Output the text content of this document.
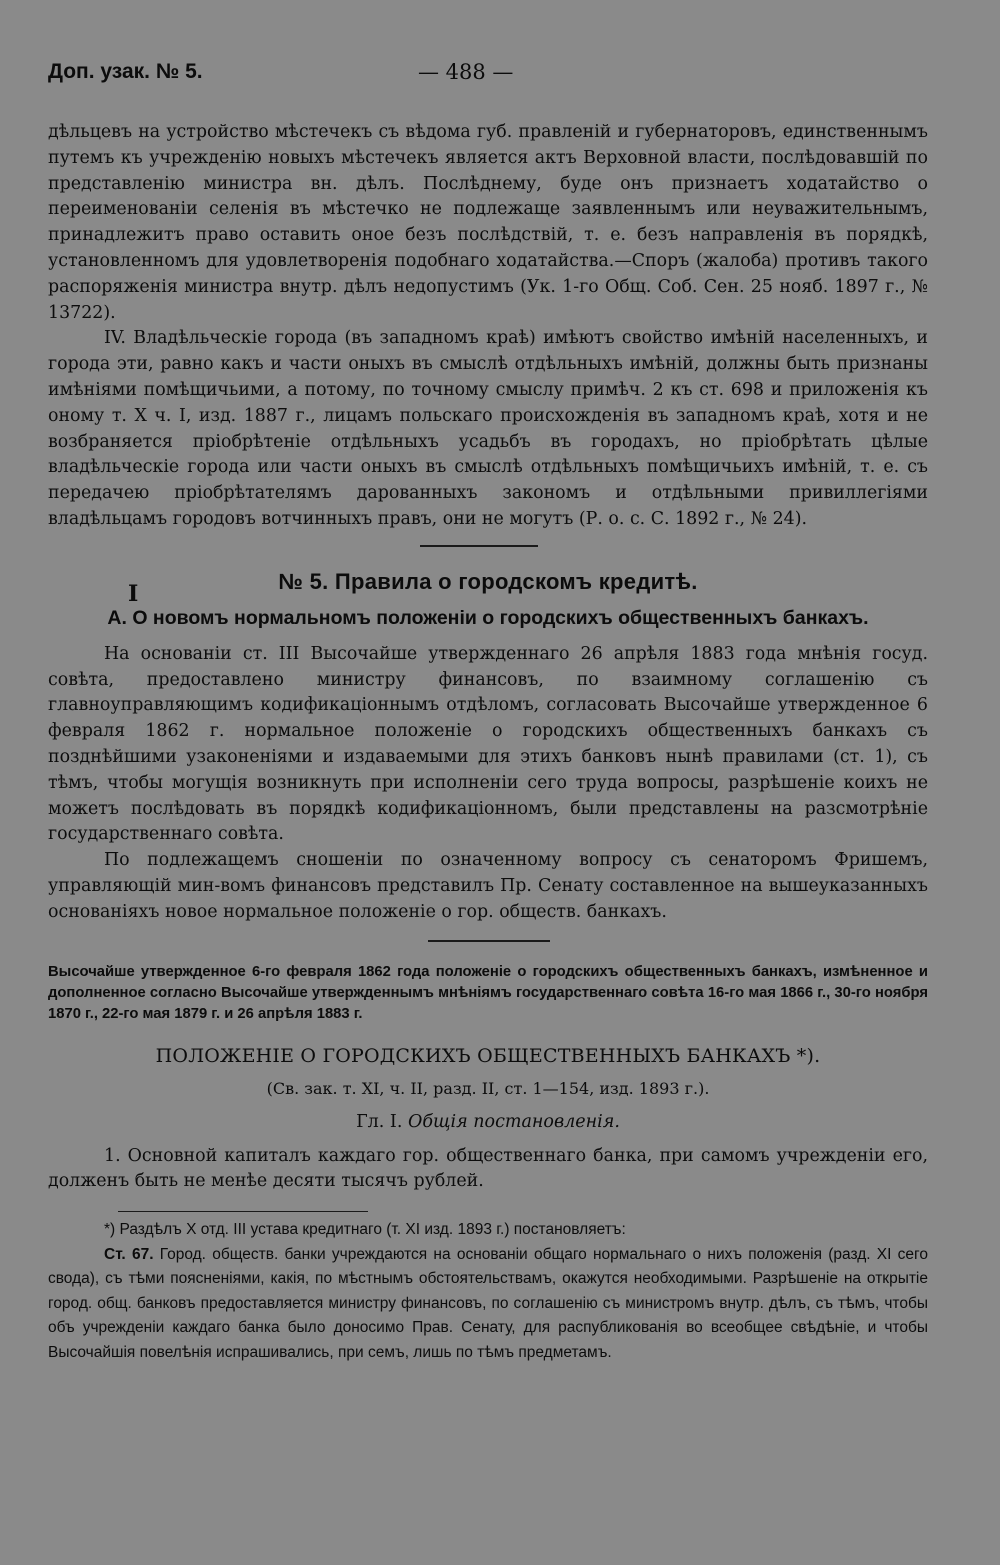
Доп. узак. № 5.	— 488 —

дѣльцевъ на устройство мѣстечекъ съ вѣдома губ. правленій и губернаторовъ, единственнымъ путемъ къ учрежденію новыхъ мѣстечекъ является актъ Верховной власти, послѣдовавшій по представленію министра вн. дѣлъ. Послѣднему, буде онъ признаетъ ходатайство о переименованіи селенія въ мѣстечко не подлежаще заявленнымъ или неуважительнымъ, принадлежитъ право оставить оное безъ послѣдствій, т. е. безъ направленія въ порядкѣ, установленномъ для удовлетворенія подобнаго ходатайства.—Споръ (жалоба) противъ такого распоряженія министра внутр. дѣлъ недопустимъ (Ук. 1-го Общ. Соб. Сен. 25 нояб. 1897 г., № 13722).

IV. Владѣльческіе города (въ западномъ краѣ) имѣютъ свойство имѣній населенныхъ, и города эти, равно какъ и части оныхъ въ смыслѣ отдѣльныхъ имѣній, должны быть признаны имѣніями помѣщичьими, а потому, по точному смыслу примѣч. 2 къ ст. 698 и приложенія къ оному т. X ч. I, изд. 1887 г., лицамъ польскаго происхожденія въ западномъ краѣ, хотя и не возбраняется пріобрѣтеніе отдѣльныхъ усадьбъ въ городахъ, но пріобрѣтать цѣлые владѣльческіе города или части оныхъ въ смыслѣ отдѣльныхъ помѣщичьихъ имѣній, т. е. съ передачею пріобрѣтателямъ дарованныхъ закономъ и отдѣльными привиллегіями владѣльцамъ городовъ вотчинныхъ правъ, они не могутъ (Р. о. с. С. 1892 г., № 24).

I	№ 5. Правила о городскомъ кредитѣ.
А. О новомъ нормальномъ положеніи о городскихъ общественныхъ банкахъ.

На основаніи ст. III Высочайше утвержденнаго 26 апрѣля 1883 года мнѣнія госуд. совѣта, предоставлено министру финансовъ, по взаимному соглашенію съ главноуправляющимъ кодификаціоннымъ отдѣломъ, согласовать Высочайше утвержденное 6 февраля 1862 г. нормальное положеніе о городскихъ общественныхъ банкахъ съ позднѣйшими узаконеніями и издаваемыми для этихъ банковъ нынѣ правилами (ст. 1), съ тѣмъ, чтобы могущія возникнуть при исполненіи сего труда вопросы, разрѣшеніе коихъ не можетъ послѣдовать въ порядкѣ кодификаціонномъ, были представлены на разсмотрѣніе государственнаго совѣта.

По подлежащемъ сношеніи по означенному вопросу съ сенаторомъ Фришемъ, управляющій мин-вомъ финансовъ представилъ Пр. Сенату составленное на вышеуказанныхъ основаніяхъ новое нормальное положеніе о гор. обществ. банкахъ.

Высочайше утвержденное 6-го февраля 1862 года положеніе о городскихъ общественныхъ банкахъ, измѣненное и дополненное согласно Высочайше утвержденнымъ мнѣніямъ государственнаго совѣта 16-го мая 1866 г., 30-го ноября 1870 г., 22-го мая 1879 г. и 26 апрѣля 1883 г.

ПОЛОЖЕНІЕ О ГОРОДСКИХЪ ОБЩЕСТВЕННЫХЪ БАНКАХЪ *).
(Св. зак. т. XI, ч. II, разд. II, ст. 1—154, изд. 1893 г.).
Гл. I. Общія постановленія.

1. Основной капиталъ каждаго гор. общественнаго банка, при самомъ учрежденіи его, долженъ быть не менѣе десяти тысячъ рублей.

*) Раздѣлъ X отд. III устава кредитнаго (т. XI изд. 1893 г.) постановляетъ:

Ст. 67. Город. обществ. банки учреждаются на основаніи общаго нормальнаго о нихъ положенія (разд. XI сего свода), съ тѣми поясненіями, какія, по мѣстнымъ обстоятельствамъ, окажутся необходимыми. Разрѣшеніе на открытіе город. общ. банковъ предоставляется министру финансовъ, по соглашенію съ министромъ внутр. дѣлъ, съ тѣмъ, чтобы объ учрежденіи каждаго банка было доносимо Прав. Сенату, для распубликованія во всеобщее свѣдѣніе, и чтобы Высочайшія повелѣнія испрашивались, при семъ, лишь по тѣмъ предметамъ.
